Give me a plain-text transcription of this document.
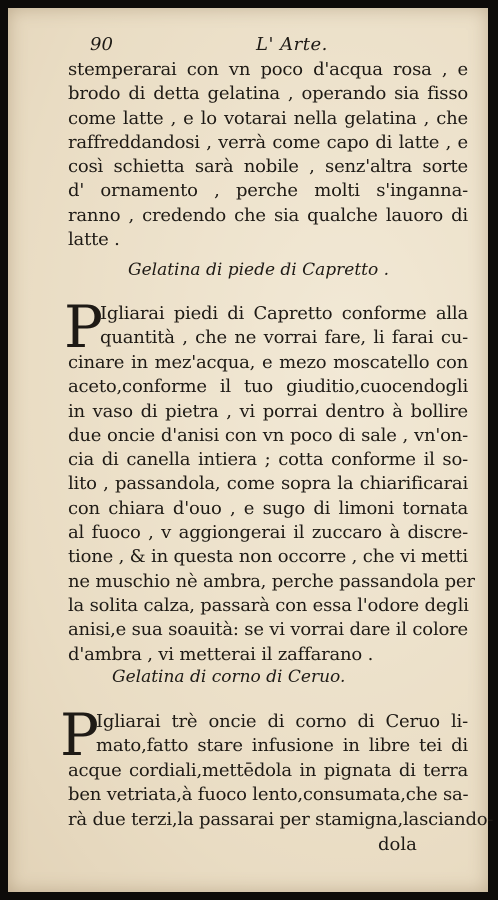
90	L' Arte.
stemperarai con vn poco d'acqua rosa , e
brodo di detta gelatina , operando sia fisso
come latte , e lo votarai nella gelatina , che
raffreddandosi , verrà come capo di latte , e
così schietta sarà nobile , senz'altra sorte
d' ornamento , perche molti s'inganna-
ranno , credendo che sia qualche lauoro di
latte .
Gelatina di piede di Capretto .
P
Igliarai piedi di Capretto conforme alla
quantità , che ne vorrai fare, li farai cu-
cinare in mez'acqua, e mezo moscatello con
aceto,conforme il tuo giuditio,cuocendogli
in vaso di pietra , vi porrai dentro à bollire
due oncie d'anisi con vn poco di sale , vn'on-
cia di canella intiera ; cotta conforme il so-
lito , passandola, come sopra la chiarificarai
con chiara d'ouo , e sugo di limoni tornata
al fuoco , v aggiongerai il zuccaro à discre-
tione , & in questa non occorre , che vi metti
ne muschio nè ambra, perche passandola per
la solita calza, passarà con essa l'odore degli
anisi,e sua soauità: se vi vorrai dare il colore
d'ambra , vi metterai il zaffarano .
Gelatina di corno di Ceruo.
P
Igliarai trè oncie di corno di Ceruo li-
mato,fatto stare infusione in libre tei di
acque cordiali,mettēdola in pignata di terra
ben vetriata,à fuoco lento,consumata,che sa-
rà due terzi,la passarai per stamigna,lasciando-
dola
